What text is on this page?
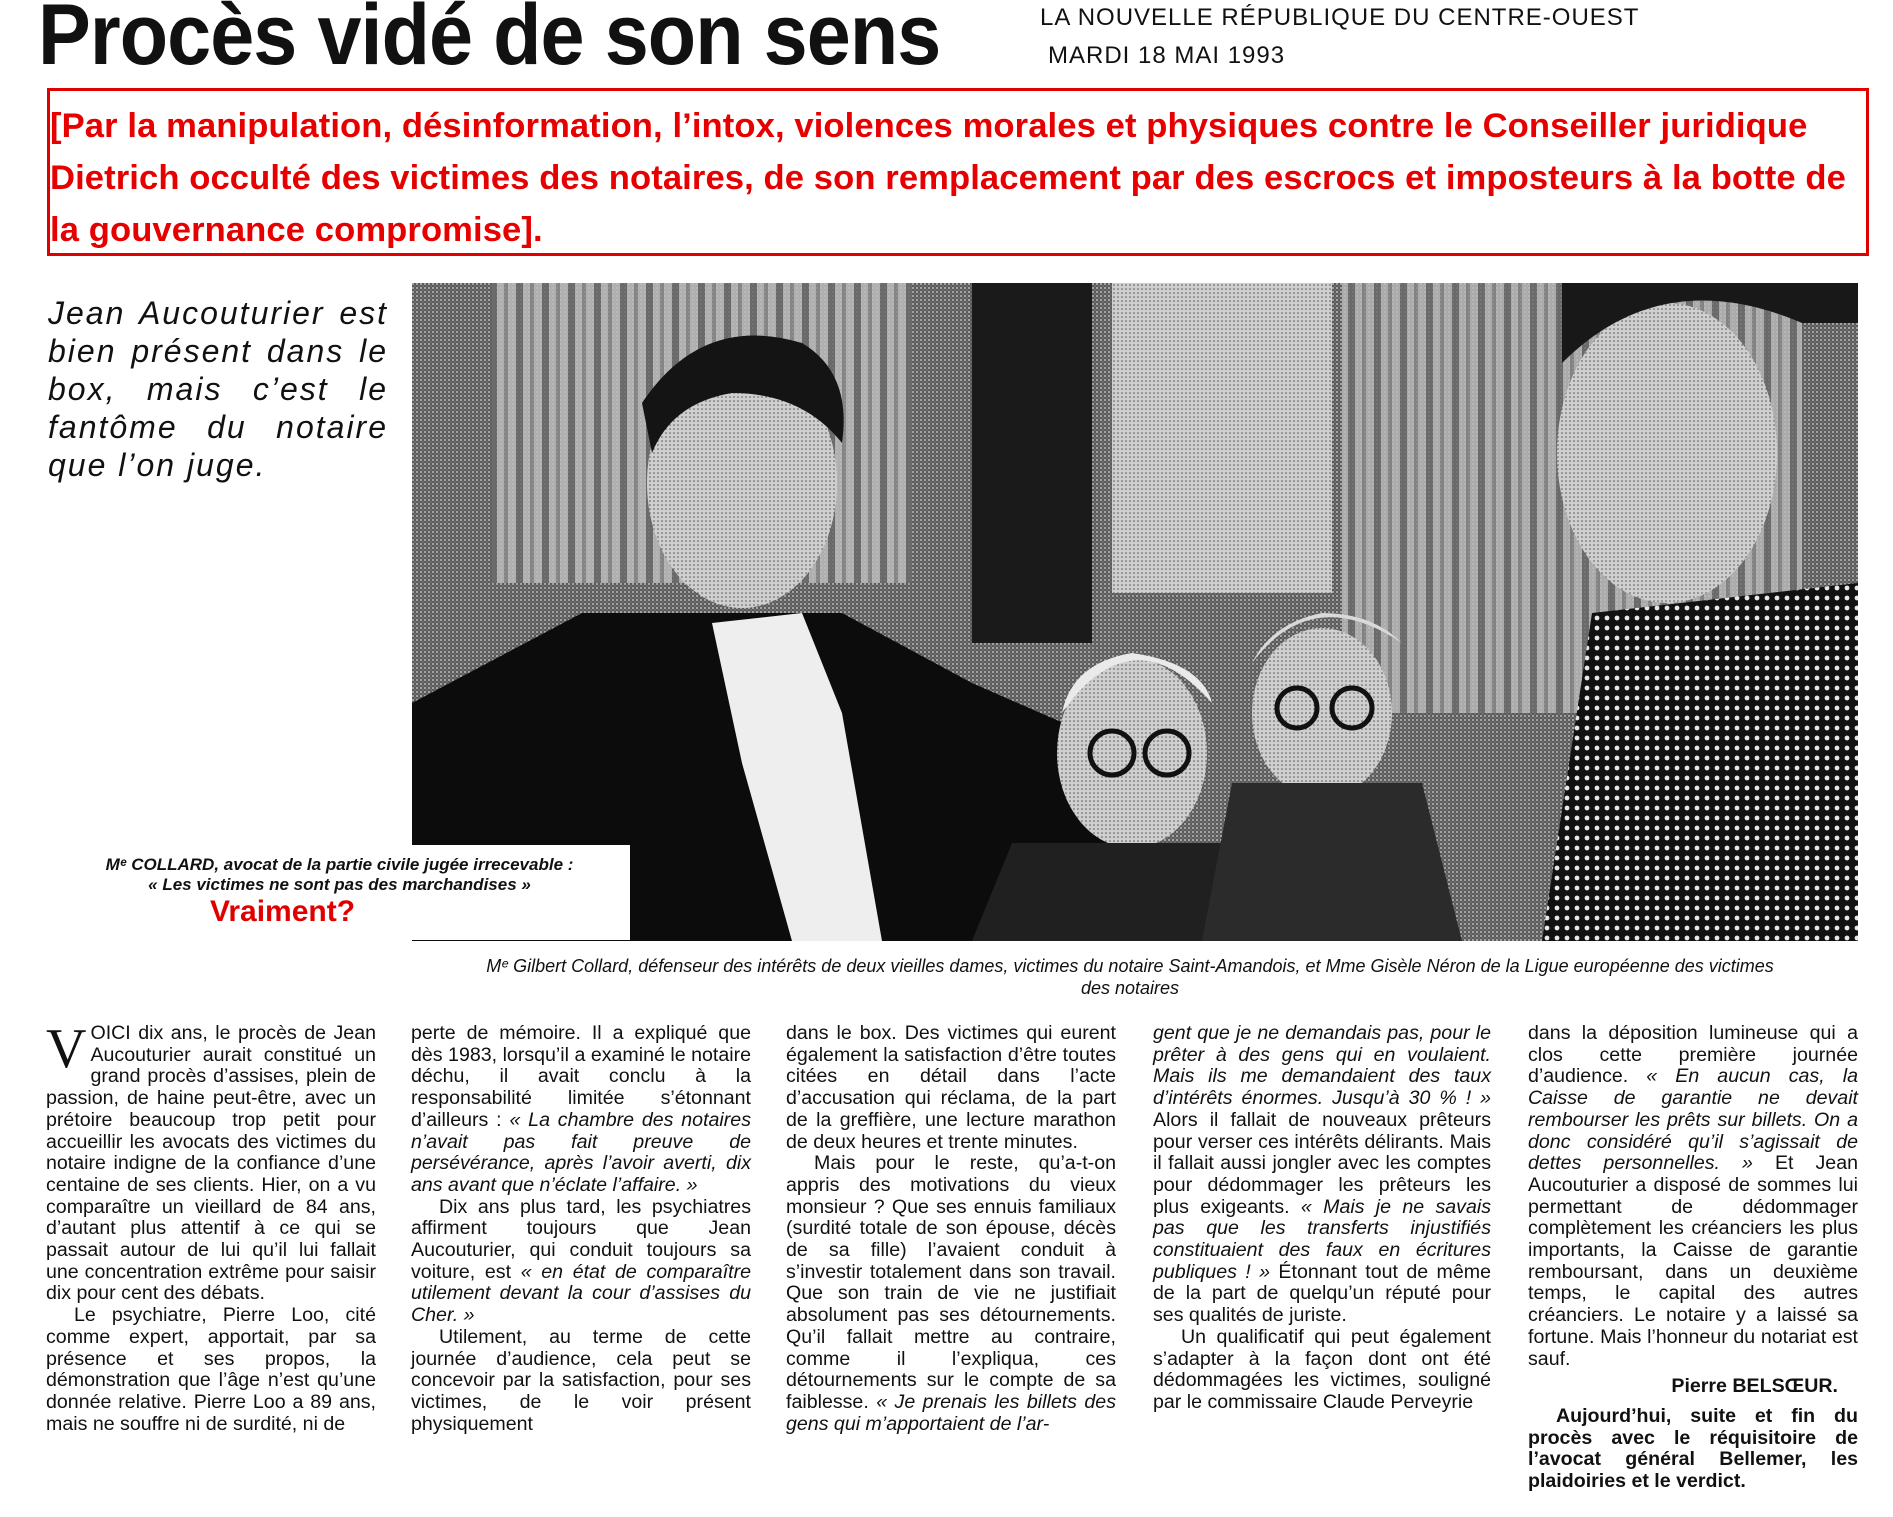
Procès vidé de son sens	LA NOUVELLE RÉPUBLIQUE DU CENTRE-OUEST
MARDI 18 MAI 1993
[Par la manipulation, désinformation, l’intox, violences morales et physiques contre le Conseiller juridique Dietrich occulté des victimes des notaires, de son remplacement par des escrocs et imposteurs à la botte de la gouvernance compromise].
Jean Aucouturier est bien présent dans le box, mais c’est le fantôme du notaire que l’on juge.
Mᵉ COLLARD, avocat de la partie civile jugée irrecevable :
« Les victimes ne sont pas des marchandises »
Vraiment?
Mᵉ Gilbert Collard, défenseur des intérêts de deux vieilles dames, victimes du notaire Saint-Amandois, et Mme Gisèle Néron de la Ligue européenne des victimes des notaires

VOICI dix ans, le procès de Jean Aucouturier aurait constitué un grand procès d’assises, plein de passion, de haine peut-être, avec un prétoire beaucoup trop petit pour accueillir les avocats des victimes du notaire indigne de la confiance d’une centaine de ses clients. Hier, on a vu comparaître un vieillard de 84 ans, d’autant plus attentif à ce qui se passait autour de lui qu’il lui fallait une concentration extrême pour saisir dix pour cent des débats.

Le psychiatre, Pierre Loo, cité comme expert, apportait, par sa présence et ses propos, la démonstration que l’âge n’est qu’une donnée relative. Pierre Loo a 89 ans, mais ne souffre ni de surdité, ni de

perte de mémoire. Il a expliqué que dès 1983, lorsqu’il a examiné le notaire déchu, il avait conclu à la responsabilité limitée s’étonnant d’ailleurs : « La chambre des notaires n’avait pas fait preuve de persévérance, après l’avoir averti, dix ans avant que n’éclate l’affaire. »

Dix ans plus tard, les psychiatres affirment toujours que Jean Aucouturier, qui conduit toujours sa voiture, est « en état de comparaître utilement devant la cour d’assises du Cher. »

Utilement, au terme de cette journée d’audience, cela peut se concevoir par la satisfaction, pour ses victimes, de le voir présent physiquement

dans le box. Des victimes qui eurent également la satisfaction d’être toutes citées en détail dans l’acte d’accusation qui réclama, de la part de la greffière, une lecture marathon de deux heures et trente minutes.

Mais pour le reste, qu’a-t-on appris des motivations du vieux monsieur ? Que ses ennuis familiaux (surdité totale de son épouse, décès de sa fille) l’avaient conduit à s’investir totalement dans son travail. Que son train de vie ne justifiait absolument pas ses détournements. Qu’il fallait mettre au contraire, comme il l’expliqua, ces détournements sur le compte de sa faiblesse. « Je prenais les billets des gens qui m’apportaient de l’ar-

gent que je ne demandais pas, pour le prêter à des gens qui en voulaient. Mais ils me demandaient des taux d’intérêts énormes. Jusqu’à 30 % ! » Alors il fallait de nouveaux prêteurs pour verser ces intérêts délirants. Mais il fallait aussi jongler avec les comptes pour dédommager les prêteurs les plus exigeants. « Mais je ne savais pas que les transferts injustifiés constituaient des faux en écritures publiques ! » Étonnant tout de même de la part de quelqu’un réputé pour ses qualités de juriste.

Un qualificatif qui peut également s’adapter à la façon dont ont été dédommagées les victimes, souligné par le commissaire Claude Perveyrie

dans la déposition lumineuse qui a clos cette première journée d’audience. « En aucun cas, la Caisse de garantie ne devait rembourser les prêts sur billets. On a donc considéré qu’il s’agissait de dettes personnelles. » Et Jean Aucouturier a disposé de sommes lui permettant de dédommager complètement les créanciers les plus importants, la Caisse de garantie remboursant, dans un deuxième temps, le capital des autres créanciers. Le notaire y a laissé sa fortune. Mais l’honneur du notariat est sauf.

Pierre BELSŒUR.

Aujourd’hui, suite et fin du procès avec le réquisitoire de l’avocat général Bellemer, les plaidoiries et le verdict.
